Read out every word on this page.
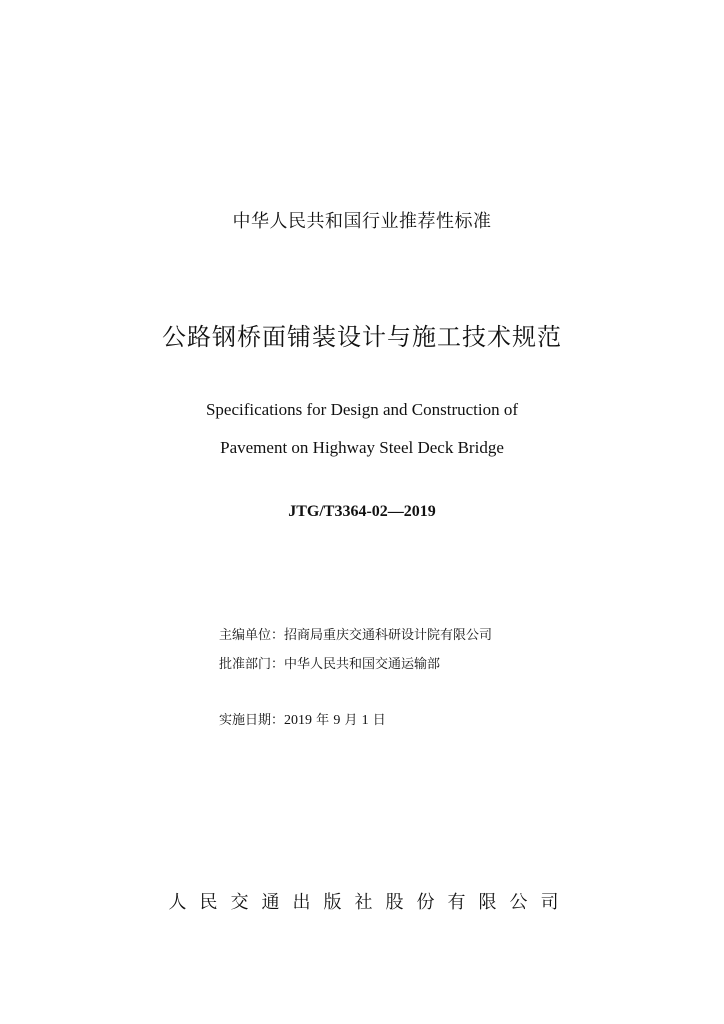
中华人民共和国行业推荐性标准
公路钢桥面铺装设计与施工技术规范
Specifications for Design and Construction of
Pavement on Highway Steel Deck Bridge
JTG/T3364-02—2019
主编单位：招商局重庆交通科研设计院有限公司
批准部门：中华人民共和国交通运输部
实施日期：2019 年 9 月 1 日
人民交通出版社股份有限公司
